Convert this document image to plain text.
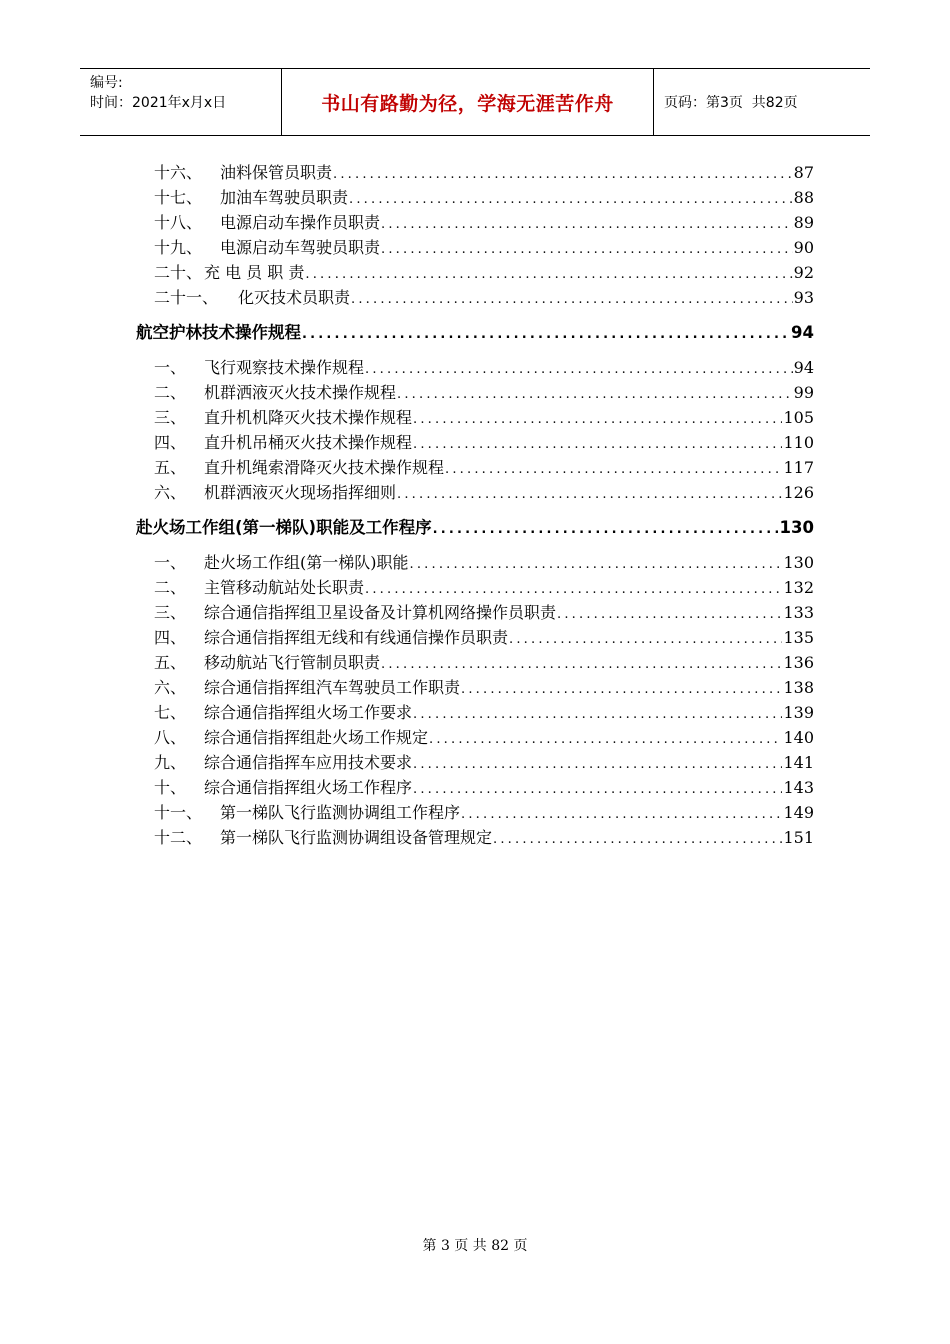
编号:
时间：2021年x月x日	书山有路勤为径，学海无涯苦作舟	页码：第3页  共82页
十六、	油料保管员职责 .....	87
十七、	加油车驾驶员职责 .....	88
十八、	电源启动车操作员职责 .....	89
十九、	电源启动车驾驶员职责 .....	90
二十、 充 电 员 职 责 .....	92
二十一、	化灭技术员职责 .....	93
航空护林技术操作规程 .....	94
一、	飞行观察技术操作规程 .....	94
二、	机群洒液灭火技术操作规程 .....	99
三、	直升机机降灭火技术操作规程 .....	105
四、	直升机吊桶灭火技术操作规程 .....	110
五、	直升机绳索滑降灭火技术操作规程 .....	117
六、	机群洒液灭火现场指挥细则 .....	126
赴火场工作组(第一梯队)职能及工作程序 .....	130
一、	赴火场工作组(第一梯队)职能 .....	130
二、	主管移动航站处长职责 .....	132
三、	综合通信指挥组卫星设备及计算机网络操作员职责 .....	133
四、	综合通信指挥组无线和有线通信操作员职责 .....	135
五、	移动航站飞行管制员职责 .....	136
六、	综合通信指挥组汽车驾驶员工作职责 .....	138
七、	综合通信指挥组火场工作要求 .....	139
八、	综合通信指挥组赴火场工作规定 .....	140
九、	综合通信指挥车应用技术要求 .....	141
十、	综合通信指挥组火场工作程序 .....	143
十一、	第一梯队飞行监测协调组工作程序 .....	149
十二、	第一梯队飞行监测协调组设备管理规定 .....	151
第 3 页 共 82 页
